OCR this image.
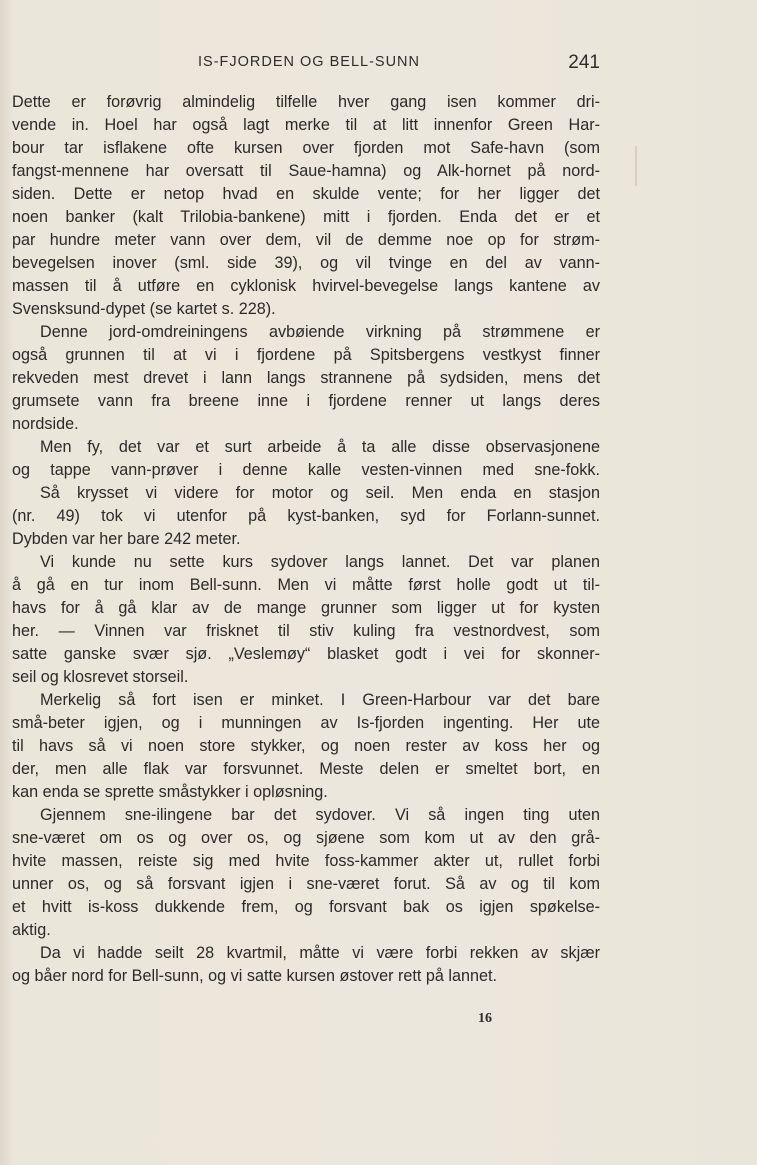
IS-FJORDEN OG BELL-SUNN	241
Dette er forøvrig almindelig tilfelle hver gang isen kommer dri-
vende in. Hoel har også lagt merke til at litt innenfor Green Har-
bour tar isflakene ofte kursen over fjorden mot Safe-havn (som
fangst-mennene har oversatt til Saue-hamna) og Alk-hornet på nord-
siden. Dette er netop hvad en skulde vente; for her ligger det
noen banker (kalt Trilobia-bankene) mitt i fjorden. Enda det er et
par hundre meter vann over dem, vil de demme noe op for strøm-
bevegelsen inover (sml. side 39), og vil tvinge en del av vann-
massen til å utføre en cyklonisk hvirvel-bevegelse langs kantene av
Svensksund-dypet (se kartet s. 228).
Denne jord-omdreiningens avbøiende virkning på strømmene er
også grunnen til at vi i fjordene på Spitsbergens vestkyst finner
rekveden mest drevet i lann langs strannene på sydsiden, mens det
grumsete vann fra breene inne i fjordene renner ut langs deres
nordside.
Men fy, det var et surt arbeide å ta alle disse observasjonene
og tappe vann-prøver i denne kalle vesten-vinnen med sne-fokk.
Så krysset vi videre for motor og seil. Men enda en stasjon
(nr. 49) tok vi utenfor på kyst-banken, syd for Forlann-sunnet.
Dybden var her bare 242 meter.
Vi kunde nu sette kurs sydover langs lannet. Det var planen
å gå en tur inom Bell-sunn. Men vi måtte først holle godt ut til-
havs for å gå klar av de mange grunner som ligger ut for kysten
her. — Vinnen var frisknet til stiv kuling fra vestnordvest, som
satte ganske svær sjø. „Veslemøy“ blasket godt i vei for skonner-
seil og klosrevet storseil.
Merkelig så fort isen er minket. I Green-Harbour var det bare
små-beter igjen, og i munningen av Is-fjorden ingenting. Her ute
til havs så vi noen store stykker, og noen rester av koss her og
der, men alle flak var forsvunnet. Meste delen er smeltet bort, en
kan enda se sprette småstykker i opløsning.
Gjennem sne-ilingene bar det sydover. Vi så ingen ting uten
sne-været om os og over os, og sjøene som kom ut av den grå-
hvite massen, reiste sig med hvite foss-kammer akter ut, rullet forbi
unner os, og så forsvant igjen i sne-været forut. Så av og til kom
et hvitt is-koss dukkende frem, og forsvant bak os igjen spøkelse-
aktig.
Da vi hadde seilt 28 kvartmil, måtte vi være forbi rekken av skjær
og båer nord for Bell-sunn, og vi satte kursen østover rett på lannet.
16
